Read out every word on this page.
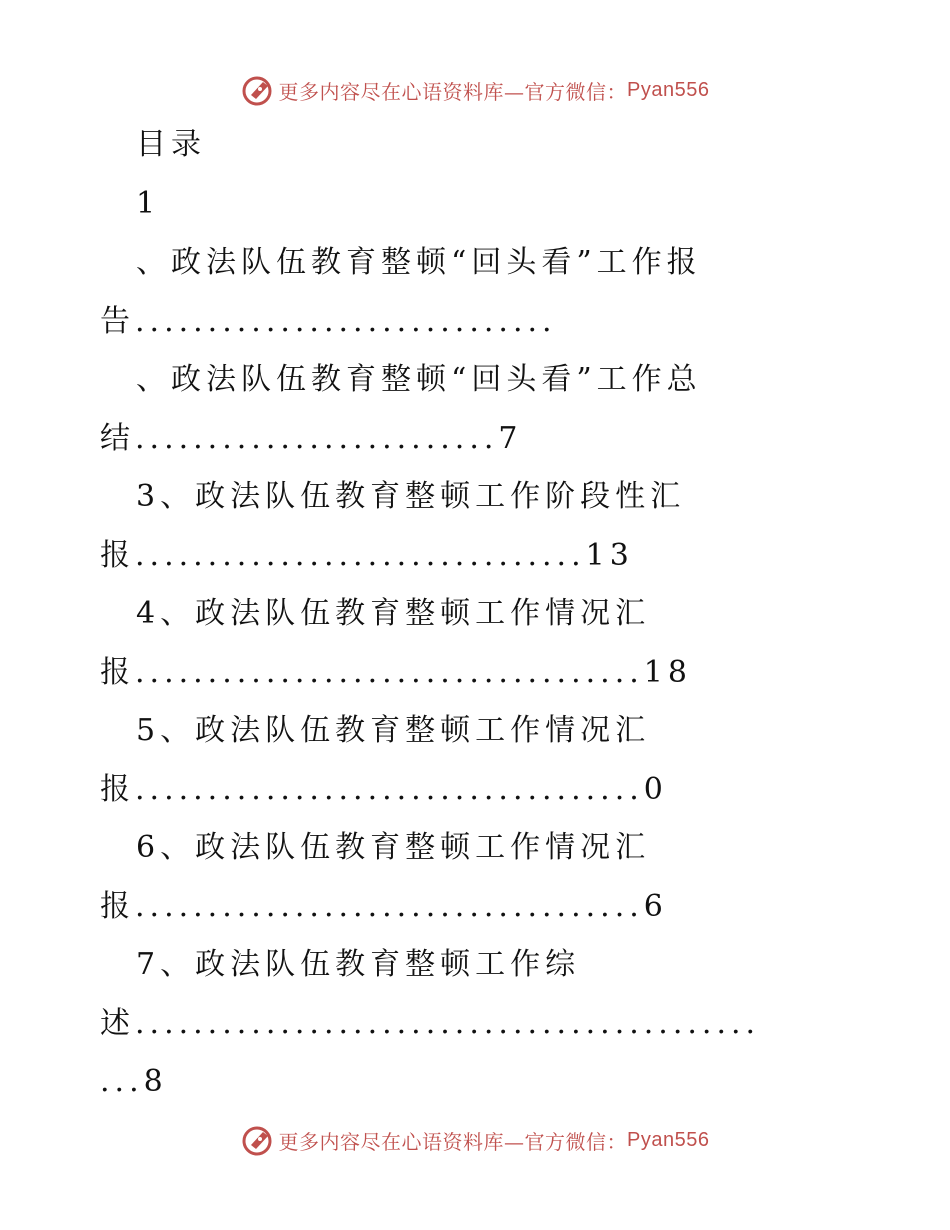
更多内容尽在心语资料库—官方微信： Pyan556
目录
1
、政法队伍教育整顿“回头看”工作报
告.............................
、政法队伍教育整顿“回头看”工作总
结.........................7
3、政法队伍教育整顿工作阶段性汇
报...............................13
4、政法队伍教育整顿工作情况汇
报...................................18
5、政法队伍教育整顿工作情况汇
报...................................0
6、政法队伍教育整顿工作情况汇
报...................................6
7、政法队伍教育整顿工作综
述...........................................
...8
更多内容尽在心语资料库—官方微信： Pyan556
